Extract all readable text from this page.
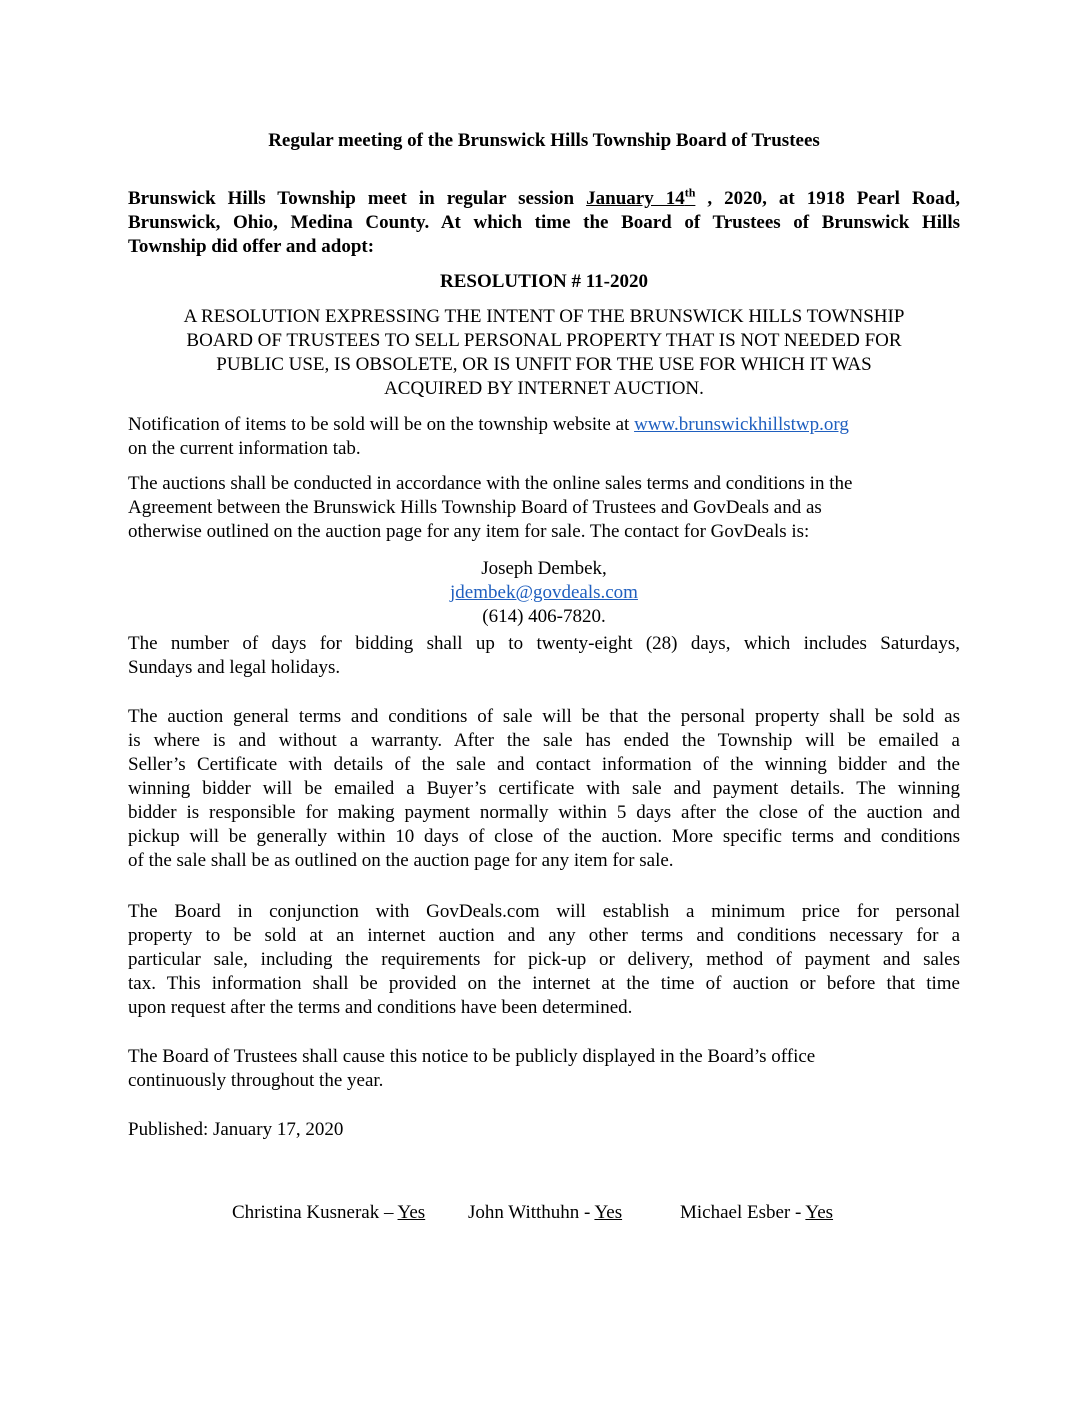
Regular meeting of the Brunswick Hills Township Board of Trustees
Brunswick Hills Township meet in regular session January 14th , 2020, at 1918 Pearl Road,
Brunswick, Ohio, Medina County. At which time the Board of Trustees of Brunswick Hills
Township did offer and adopt:
RESOLUTION # 11-2020
A RESOLUTION EXPRESSING THE INTENT OF THE BRUNSWICK HILLS TOWNSHIP
BOARD OF TRUSTEES TO SELL PERSONAL PROPERTY THAT IS NOT NEEDED FOR
PUBLIC USE, IS OBSOLETE, OR IS UNFIT FOR THE USE FOR WHICH IT WAS
ACQUIRED BY INTERNET AUCTION.
Notification of items to be sold will be on the township website at www.brunswickhillstwp.org
on the current information tab.
The auctions shall be conducted in accordance with the online sales terms and conditions in the
Agreement between the Brunswick Hills Township Board of Trustees and GovDeals and as
otherwise outlined on the auction page for any item for sale. The contact for GovDeals is:
Joseph Dembek,
jdembek@govdeals.com
(614) 406-7820.
The number of days for bidding shall up to twenty-eight (28) days, which includes Saturdays,
Sundays and legal holidays.
The auction general terms and conditions of sale will be that the personal property shall be sold as
is where is and without a warranty. After the sale has ended the Township will be emailed a
Seller’s Certificate with details of the sale and contact information of the winning bidder and the
winning bidder will be emailed a Buyer’s certificate with sale and payment details. The winning
bidder is responsible for making payment normally within 5 days after the close of the auction and
pickup will be generally within 10 days of close of the auction. More specific terms and conditions
of the sale shall be as outlined on the auction page for any item for sale.
The Board in conjunction with GovDeals.com will establish a minimum price for personal
property to be sold at an internet auction and any other terms and conditions necessary for a
particular sale, including the requirements for pick-up or delivery, method of payment and sales
tax. This information shall be provided on the internet at the time of auction or before that time
upon request after the terms and conditions have been determined.
The Board of Trustees shall cause this notice to be publicly displayed in the Board’s office
continuously throughout the year.
Published: January 17, 2020
Christina Kusnerak – Yes John Witthuhn - Yes	Michael Esber - Yes
